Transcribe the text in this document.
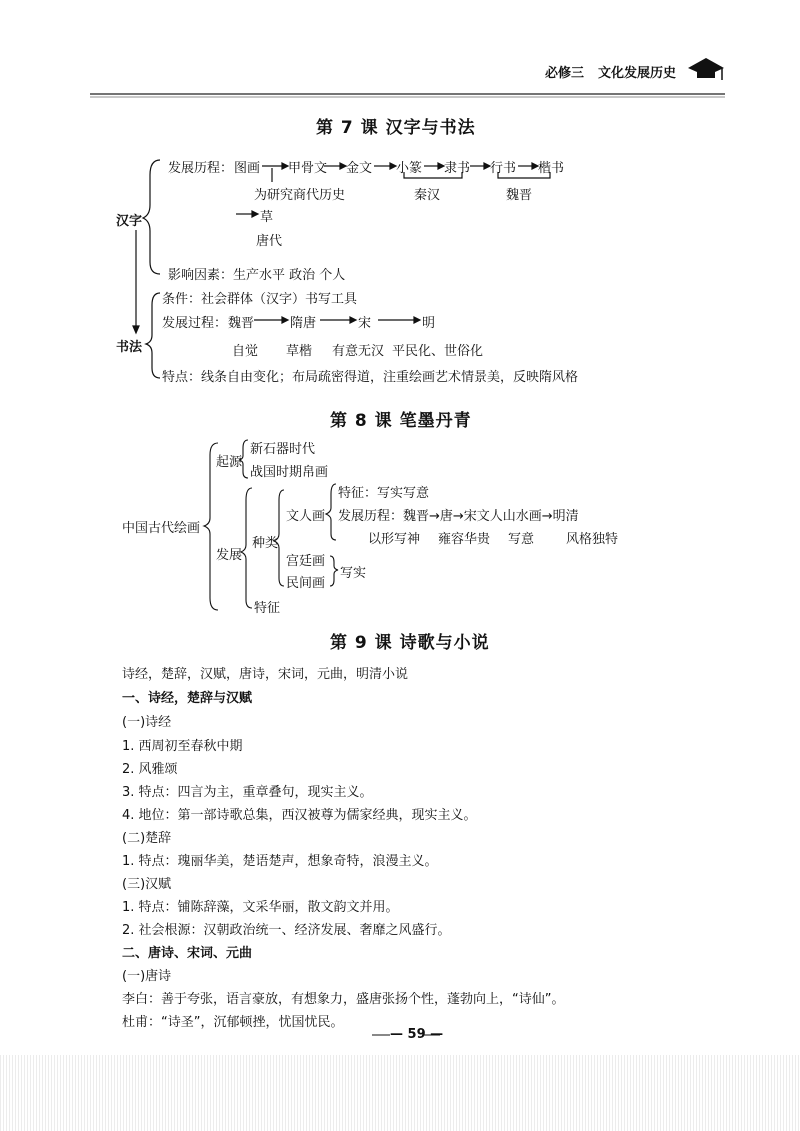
必修三 文化发展历史
第 7 课 汉字与书法
汉字
发展历程： 图画 甲骨文 金文 小篆 隶书 行书 楷书
为研究商代历史	秦汉	魏晋
草
唐代
影响因素：生产水平 政治 个人
书法
条件：社会群体（汉字）书写工具
发展过程： 魏晋	隋唐	宋	明
自觉 草楷 有意无汉 平民化、世俗化
特点：线条自由变化；布局疏密得道，注重绘画艺术情景美，反映隋风格
第 8 课 笔墨丹青
中国古代绘画
起源
新石器时代
战国时期帛画
发展
种类
文人画
特征：写实写意
发展历程：魏晋→唐→宋文人山水画→明清
以形写神 雍容华贵 写意 风格独特
宫廷画
民间画
写实
特征
第 9 课 诗歌与小说
诗经，楚辞，汉赋，唐诗，宋词，元曲，明清小说
一、诗经，楚辞与汉赋
(一)诗经
1. 西周初至春秋中期
2. 风雅颂
3. 特点：四言为主，重章叠句，现实主义。
4. 地位：第一部诗歌总集，西汉被尊为儒家经典，现实主义。
(二)楚辞
1. 特点：瑰丽华美，楚语楚声，想象奇特，浪漫主义。
(三)汉赋
1. 特点：铺陈辞藻，文采华丽，散文韵文并用。
2. 社会根源：汉朝政治统一、经济发展、奢靡之风盛行。
二、唐诗、宋词、元曲
(一)唐诗
李白：善于夸张，语言豪放，有想象力，盛唐张扬个性，蓬勃向上，“诗仙”。
杜甫：“诗圣”，沉郁顿挫，忧国忧民。
— 59 —
